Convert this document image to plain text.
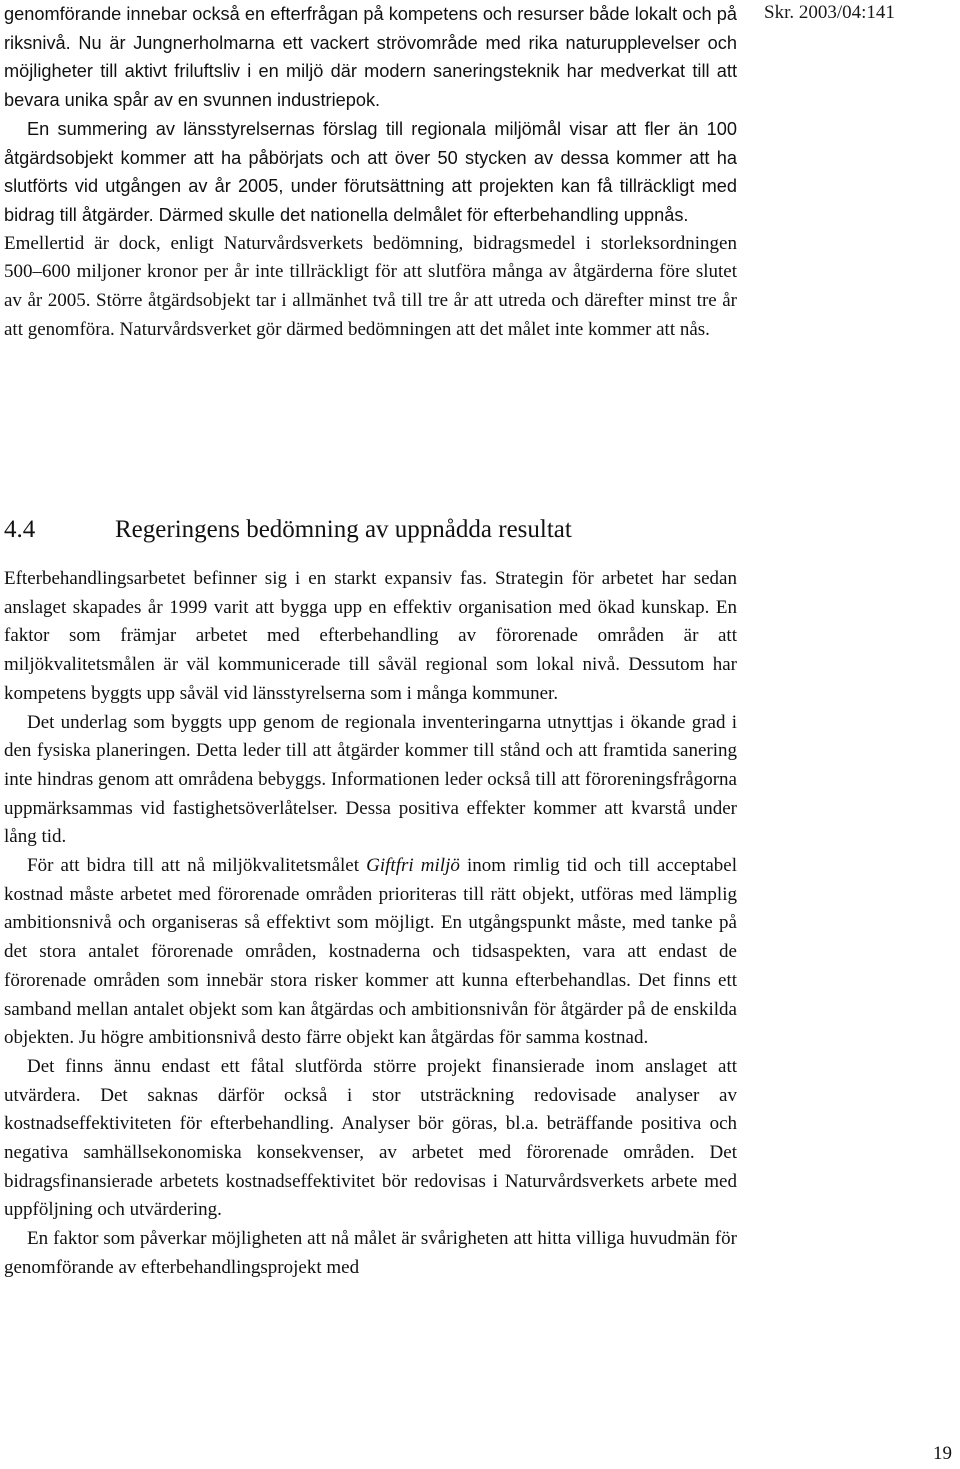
Skr. 2003/04:141

genomförande innebar också en efterfrågan på kompetens och resurser både lokalt och på riksnivå. Nu är Jungnerholmarna ett vackert strövområde med rika naturupplevelser och möjligheter till aktivt friluftsliv i en miljö där modern saneringsteknik har medverkat till att bevara unika spår av en svunnen industriepok.

En summering av länsstyrelsernas förslag till regionala miljömål visar att fler än 100 åtgärdsobjekt kommer att ha påbörjats och att över 50 stycken av dessa kommer att ha slutförts vid utgången av år 2005, under förutsättning att projekten kan få tillräckligt med bidrag till åtgärder. Därmed skulle det nationella delmålet för efterbehandling uppnås.

Emellertid är dock, enligt Naturvårdsverkets bedömning, bidragsmedel i storleksordningen 500–600 miljoner kronor per år inte tillräckligt för att slutföra många av åtgärderna före slutet av år 2005. Större åtgärdsobjekt tar i allmänhet två till tre år att utreda och därefter minst tre år att genomföra. Naturvårdsverket gör därmed bedömningen att det målet inte kommer att nås.

4.4	Regeringens bedömning av uppnådda resultat

Efterbehandlingsarbetet befinner sig i en starkt expansiv fas. Strategin för arbetet har sedan anslaget skapades år 1999 varit att bygga upp en effektiv organisation med ökad kunskap. En faktor som främjar arbetet med efterbehandling av förorenade områden är att miljökvalitetsmålen är väl kommunicerade till såväl regional som lokal nivå. Dessutom har kompetens byggts upp såväl vid länsstyrelserna som i många kommuner.

Det underlag som byggts upp genom de regionala inventeringarna utnyttjas i ökande grad i den fysiska planeringen. Detta leder till att åtgärder kommer till stånd och att framtida sanering inte hindras genom att områdena bebyggs. Informationen leder också till att föroreningsfrågorna uppmärksammas vid fastighetsöverlåtelser. Dessa positiva effekter kommer att kvarstå under lång tid.

För att bidra till att nå miljökvalitetsmålet Giftfri miljö inom rimlig tid och till acceptabel kostnad måste arbetet med förorenade områden prioriteras till rätt objekt, utföras med lämplig ambitionsnivå och organiseras så effektivt som möjligt. En utgångspunkt måste, med tanke på det stora antalet förorenade områden, kostnaderna och tidsaspekten, vara att endast de förorenade områden som innebär stora risker kommer att kunna efterbehandlas. Det finns ett samband mellan antalet objekt som kan åtgärdas och ambitionsnivån för åtgärder på de enskilda objekten. Ju högre ambitionsnivå desto färre objekt kan åtgärdas för samma kostnad.

Det finns ännu endast ett fåtal slutförda större projekt finansierade inom anslaget att utvärdera. Det saknas därför också i stor utsträckning redovisade analyser av kostnadseffektiviteten för efterbehandling. Analyser bör göras, bl.a. beträffande positiva och negativa samhällsekonomiska konsekvenser, av arbetet med förorenade områden. Det bidragsfinansierade arbetets kostnadseffektivitet bör redovisas i Naturvårdsverkets arbete med uppföljning och utvärdering.

En faktor som påverkar möjligheten att nå målet är svårigheten att hitta villiga huvudmän för genomförande av efterbehandlingsprojekt med

19
